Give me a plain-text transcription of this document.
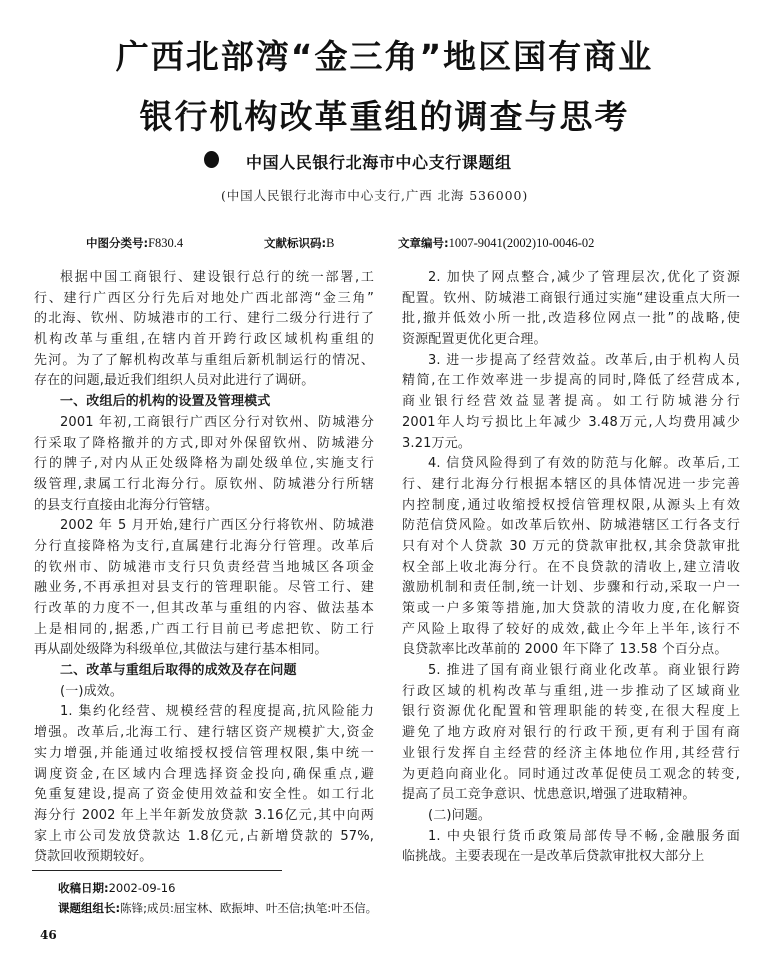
广西北部湾“金三角”地区国有商业
银行机构改革重组的调查与思考
中国人民银行北海市中心支行课题组
(中国人民银行北海市中心支行,广西 北海 536000)
中图分类号:F830.4	文献标识码:B	文章编号:1007-9041(2002)10-0046-02
根据中国工商银行、建设银行总行的统一部署,工
行、建行广西区分行先后对地处广西北部湾“金三角”
的北海、钦州、防城港市的工行、建行二级分行进行了
机构改革与重组,在辖内首开跨行政区域机构重组的
先河。为了了解机构改革与重组后新机制运行的情况、
存在的问题,最近我们组织人员对此进行了调研。
一、改组后的机构的设置及管理模式
2001 年初,工商银行广西区分行对钦州、防城港分
行采取了降格撤并的方式,即对外保留钦州、防城港分
行的牌子,对内从正处级降格为副处级单位,实施支行
级管理,隶属工行北海分行。原钦州、防城港分行所辖
的县支行直接由北海分行管辖。
2002 年 5 月开始,建行广西区分行将钦州、防城港
分行直接降格为支行,直属建行北海分行管理。改革后
的钦州市、防城港市支行只负责经营当地城区各项金
融业务,不再承担对县支行的管理职能。尽管工行、建
行改革的力度不一,但其改革与重组的内容、做法基本
上是相同的,据悉,广西工行目前已考虑把钦、防工行
再从副处级降为科级单位,其做法与建行基本相同。
二、改革与重组后取得的成效及存在问题
(一)成效。
1. 集约化经营、规模经营的程度提高,抗风险能力
增强。改革后,北海工行、建行辖区资产规模扩大,资金
实力增强,并能通过收缩授权授信管理权限,集中统一
调度资金,在区域内合理选择资金投向,确保重点,避
免重复建设,提高了资金使用效益和安全性。如工行北
海分行 2002 年上半年新发放贷款 3.16亿元,其中向两
家上市公司发放贷款达 1.8亿元,占新增贷款的 57%,
贷款回收预期较好。
2. 加快了网点整合,减少了管理层次,优化了资源
配置。钦州、防城港工商银行通过实施“建设重点大所一
批,撤并低效小所一批,改造移位网点一批”的战略,使
资源配置更优化更合理。
3. 进一步提高了经营效益。改革后,由于机构人员
精简,在工作效率进一步提高的同时,降低了经营成本,
商业银行经营效益显著提高。如工行防城港分行
2001年人均亏损比上年减少 3.48万元,人均费用减少
3.21万元。
4. 信贷风险得到了有效的防范与化解。改革后,工
行、建行北海分行根据本辖区的具体情况进一步完善
内控制度,通过收缩授权授信管理权限,从源头上有效
防范信贷风险。如改革后钦州、防城港辖区工行各支行
只有对个人贷款 30 万元的贷款审批权,其余贷款审批
权全部上收北海分行。在不良贷款的清收上,建立清收
激励机制和责任制,统一计划、步骤和行动,采取一户一
策或一户多策等措施,加大贷款的清收力度,在化解资
产风险上取得了较好的成效,截止今年上半年,该行不
良贷款率比改革前的 2000 年下降了 13.58 个百分点。
5. 推进了国有商业银行商业化改革。商业银行跨
行政区域的机构改革与重组,进一步推动了区域商业
银行资源优化配置和管理职能的转变,在很大程度上
避免了地方政府对银行的行政干预,更有利于国有商
业银行发挥自主经营的经济主体地位作用,其经营行
为更趋向商业化。同时通过改革促使员工观念的转变,
提高了员工竞争意识、忧患意识,增强了进取精神。
(二)问题。
1. 中央银行货币政策局部传导不畅,金融服务面
临挑战。主要表现在一是改革后贷款审批权大部分上
收稿日期:2002-09-16
课题组组长:陈锋;成员:屈宝林、欧振坤、叶丕信;执笔:叶丕信。
46
